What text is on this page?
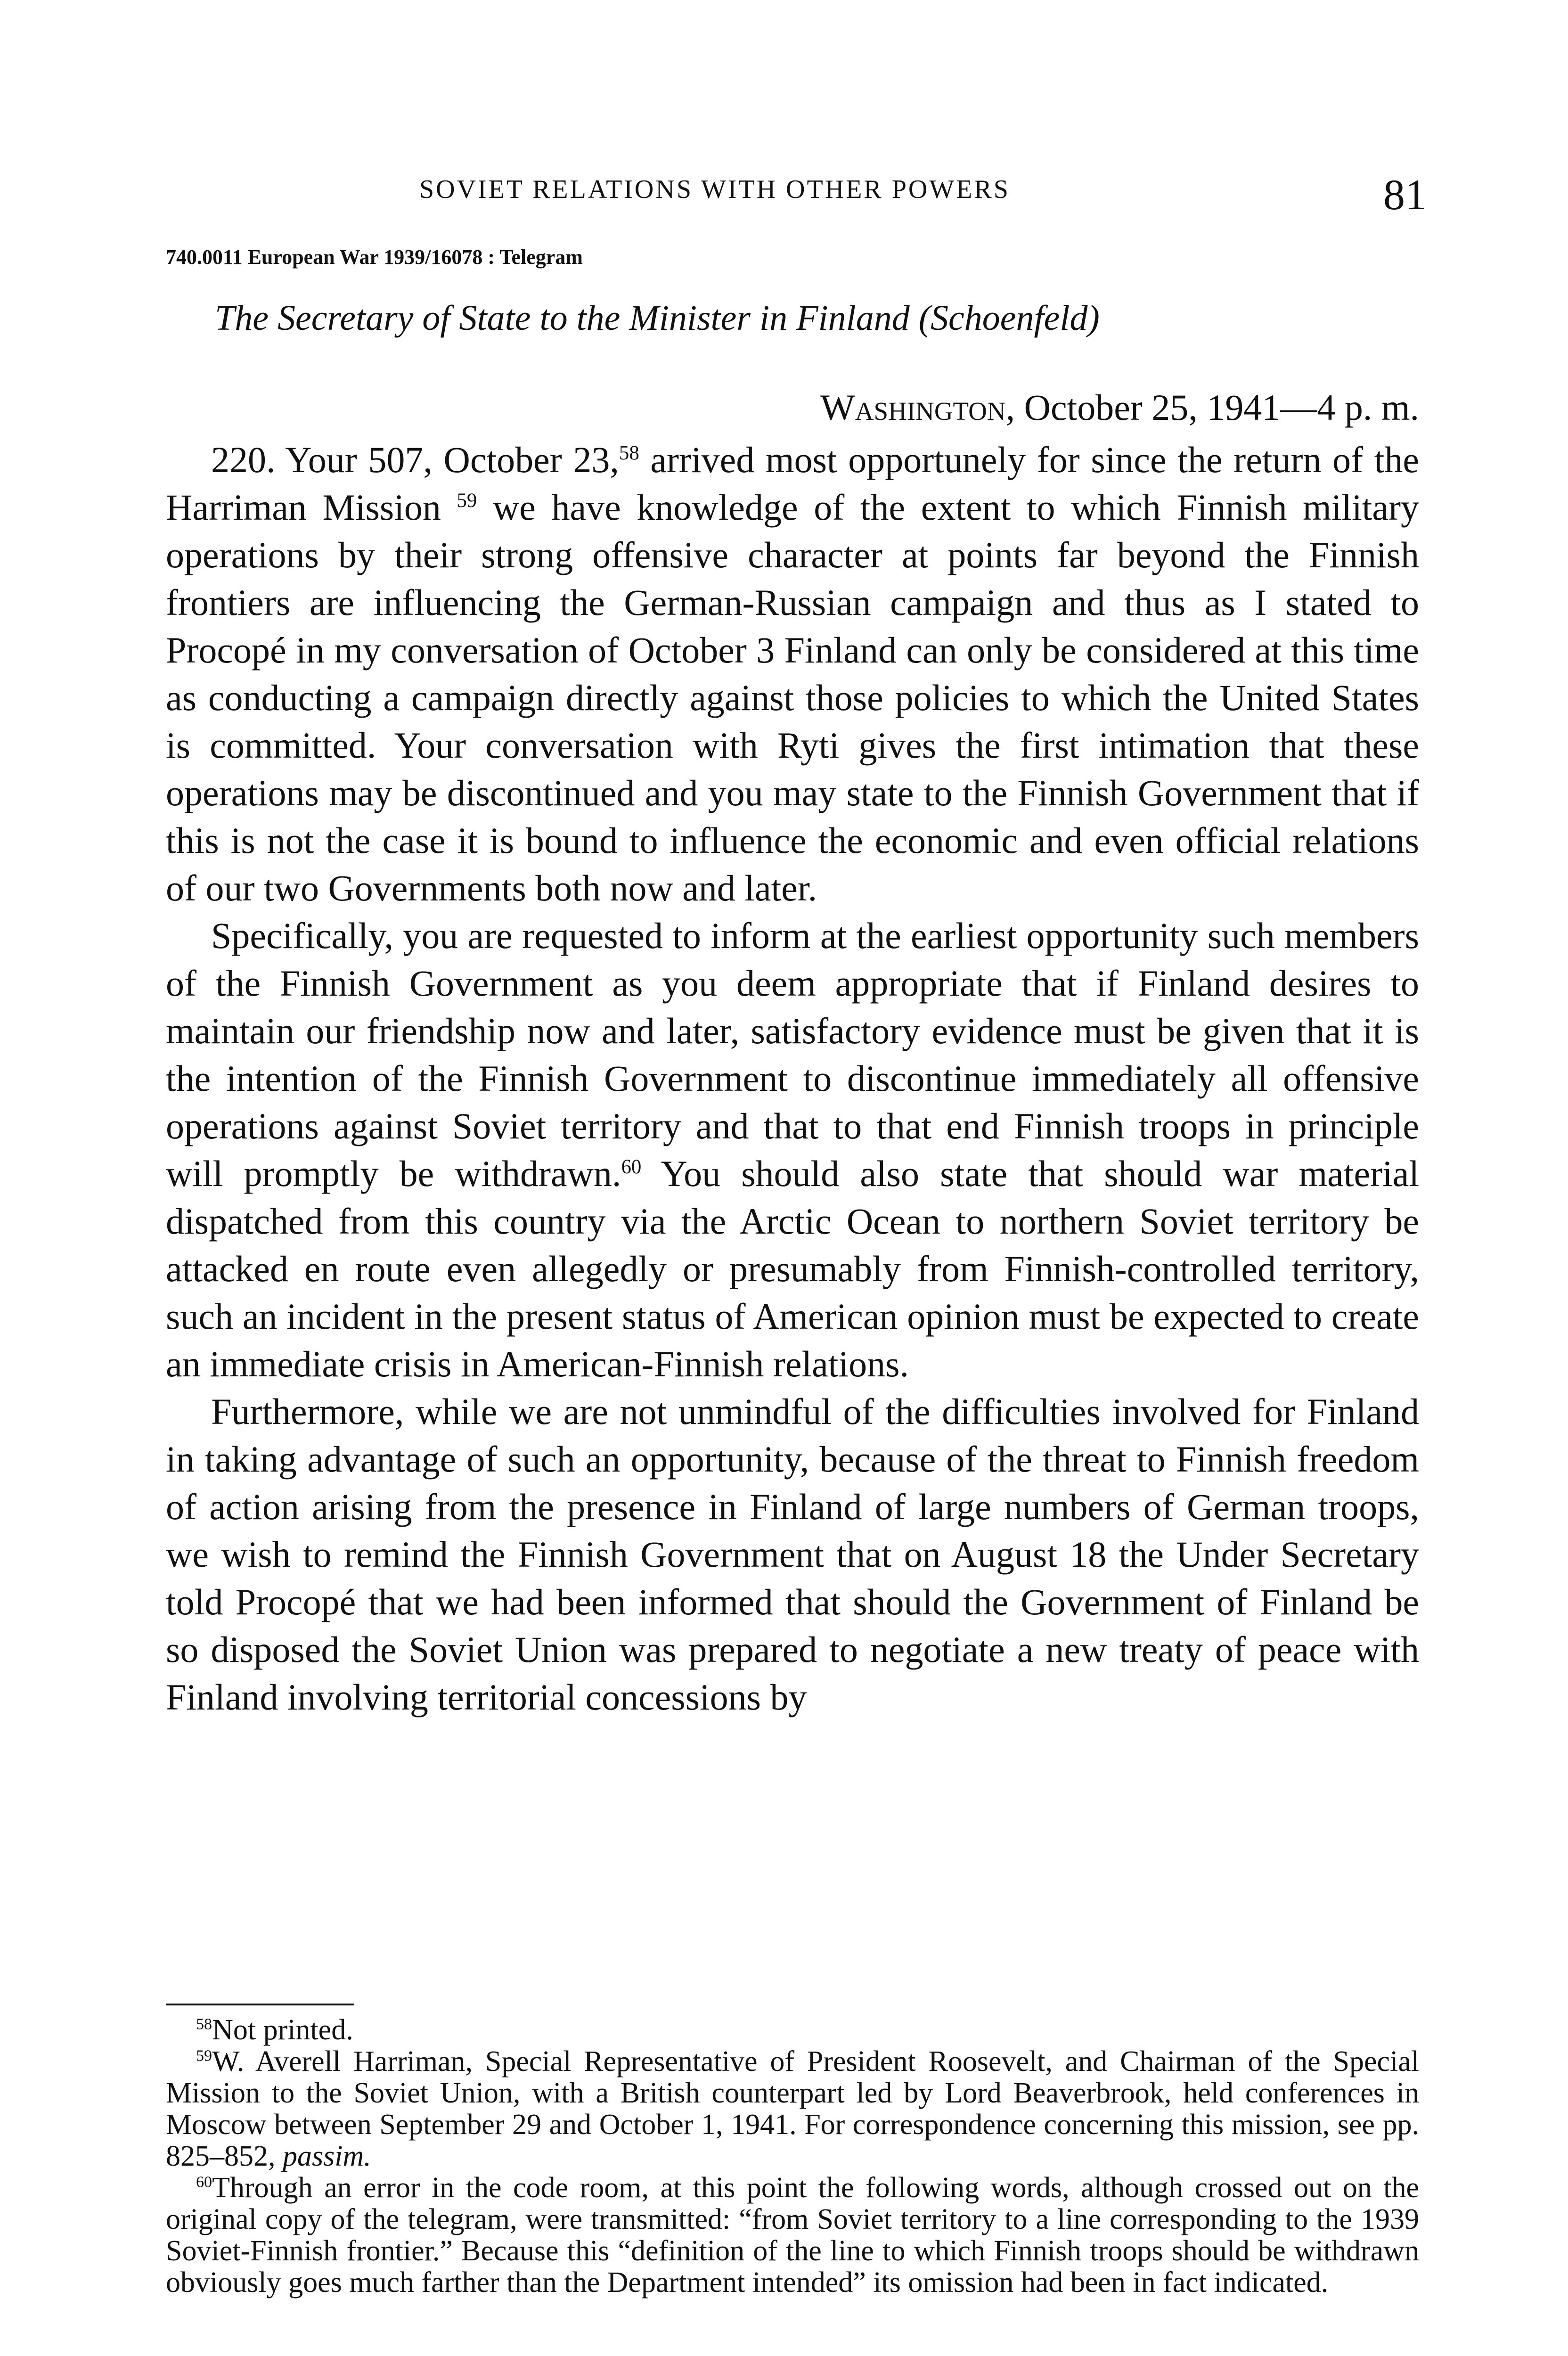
SOVIET RELATIONS WITH OTHER POWERS	81
740.0011 European War 1939/16078 : Telegram
The Secretary of State to the Minister in Finland (Schoenfeld)
Washington, October 25, 1941—4 p. m.

220. Your 507, October 23,58 arrived most opportunely for since the return of the Harriman Mission $^{59}$ we have knowledge of the extent to which Finnish military operations by their strong offensive character at points far beyond the Finnish frontiers are influencing the German-Russian campaign and thus as I stated to Procopé in my conversation of October 3 Finland can only be considered at this time as conducting a campaign directly against those policies to which the United States is committed. Your conversation with Ryti gives the first intimation that these operations may be discontinued and you may state to the Finnish Government that if this is not the case it is bound to influence the economic and even official relations of our two Governments both now and later.

Specifically, you are requested to inform at the earliest opportunity such members of the Finnish Government as you deem appropriate that if Finland desires to maintain our friendship now and later, satisfactory evidence must be given that it is the intention of the Finnish Government to discontinue immediately all offensive operations against Soviet territory and that to that end Finnish troops in principle will promptly be withdrawn.$^{60}$ You should also state that should war material dispatched from this country via the Arctic Ocean to northern Soviet territory be attacked en route even allegedly or presumably from Finnish-controlled territory, such an incident in the present status of American opinion must be expected to create an immediate crisis in American-Finnish relations.

Furthermore, while we are not unmindful of the difficulties involved for Finland in taking advantage of such an opportunity, because of the threat to Finnish freedom of action arising from the presence in Finland of large numbers of German troops, we wish to remind the Finnish Government that on August 18 the Under Secretary told Procopé that we had been informed that should the Government of Finland be so disposed the Soviet Union was prepared to negotiate a new treaty of peace with Finland involving territorial concessions by

$^{58}$Not printed.

$^{59}$W. Averell Harriman, Special Representative of President Roosevelt, and Chairman of the Special Mission to the Soviet Union, with a British counterpart led by Lord Beaverbrook, held conferences in Moscow between September 29 and October 1, 1941. For correspondence concerning this mission, see pp. 825–852, passim.

$^{60}$Through an error in the code room, at this point the following words, although crossed out on the original copy of the telegram, were transmitted: “from Soviet territory to a line corresponding to the 1939 Soviet-Finnish frontier.” Because this “definition of the line to which Finnish troops should be withdrawn obviously goes much farther than the Department intended” its omission had been in fact indicated.
